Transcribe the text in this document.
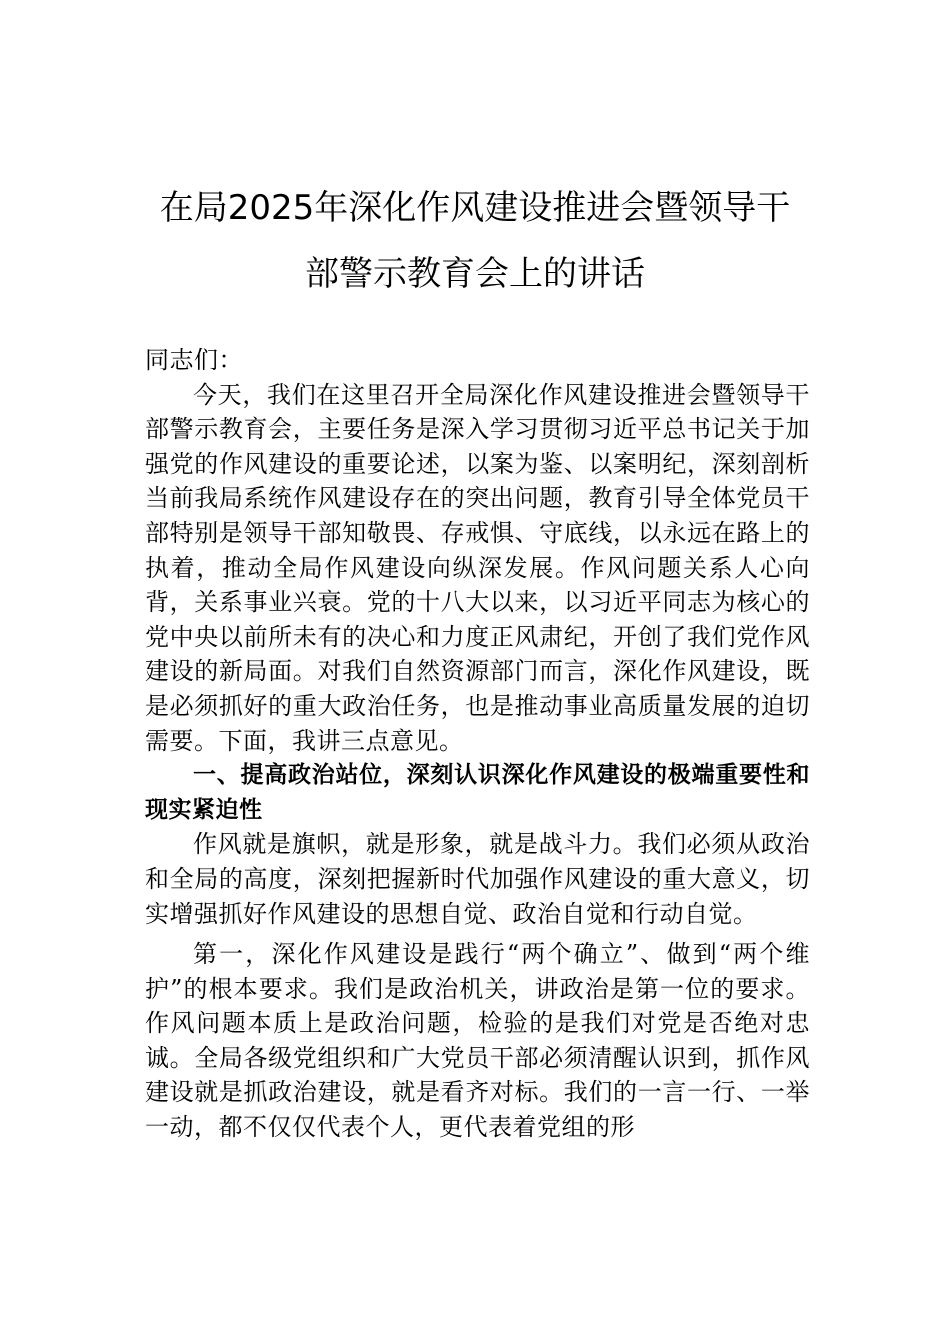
在局2025年深化作风建设推进会暨领导干
部警示教育会上的讲话

同志们：

今天，我们在这里召开全局深化作风建设推进会暨领导干部警示教育会，主要任务是深入学习贯彻习近平总书记关于加强党的作风建设的重要论述，以案为鉴、以案明纪，深刻剖析当前我局系统作风建设存在的突出问题，教育引导全体党员干部特别是领导干部知敬畏、存戒惧、守底线，以永远在路上的执着，推动全局作风建设向纵深发展。作风问题关系人心向背，关系事业兴衰。党的十八大以来，以习近平同志为核心的党中央以前所未有的决心和力度正风肃纪，开创了我们党作风建设的新局面。对我们自然资源部门而言，深化作风建设，既是必须抓好的重大政治任务，也是推动事业高质量发展的迫切需要。下面，我讲三点意见。

一、提高政治站位，深刻认识深化作风建设的极端重要性和现实紧迫性

作风就是旗帜，就是形象，就是战斗力。我们必须从政治和全局的高度，深刻把握新时代加强作风建设的重大意义，切实增强抓好作风建设的思想自觉、政治自觉和行动自觉。

第一，深化作风建设是践行“两个确立”、做到“两个维护”的根本要求。我们是政治机关，讲政治是第一位的要求。作风问题本质上是政治问题，检验的是我们对党是否绝对忠诚。全局各级党组织和广大党员干部必须清醒认识到，抓作风建设就是抓政治建设，就是看齐对标。我们的一言一行、一举一动，都不仅仅代表个人，更代表着党组的形
